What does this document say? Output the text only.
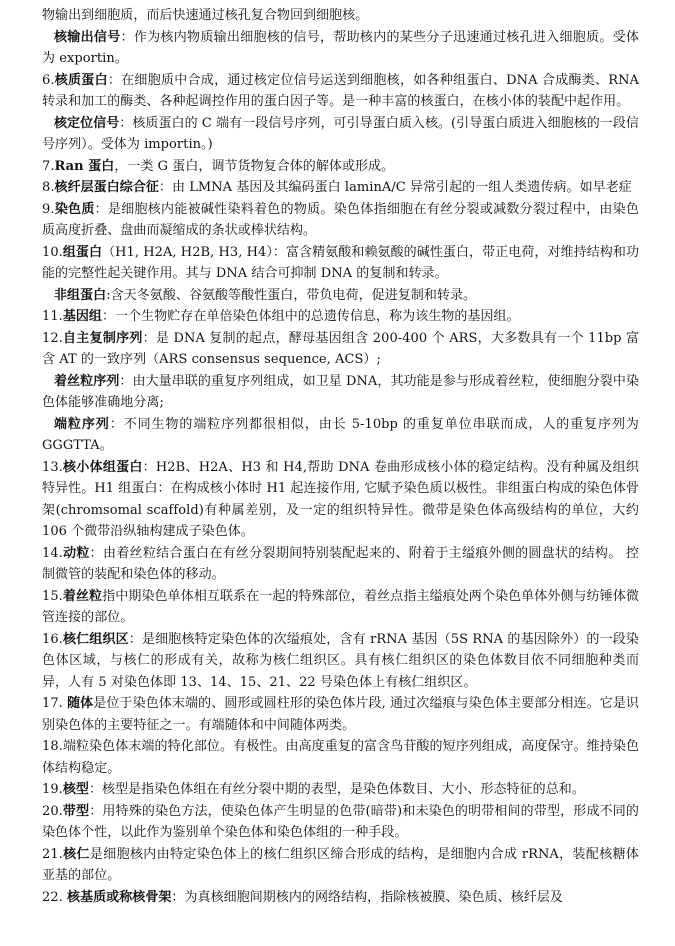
物输出到细胞质，而后快速通过核孔复合物回到细胞核。

核输出信号：作为核内物质输出细胞核的信号，帮助核内的某些分子迅速通过核孔进入细胞质。受体为 exportin。

6.核质蛋白：在细胞质中合成，通过核定位信号运送到细胞核，如各种组蛋白、DNA 合成酶类、RNA 转录和加工的酶类、各种起调控作用的蛋白因子等。是一种丰富的核蛋白，在核小体的装配中起作用。

核定位信号：核质蛋白的 C 端有一段信号序列，可引导蛋白质入核。(引导蛋白质进入细胞核的一段信号序列）。受体为 importin。)

7.Ran 蛋白，一类 G 蛋白，调节货物复合体的解体或形成。

8.核纤层蛋白综合征：由 LMNA 基因及其编码蛋白 laminA/C 异常引起的一组人类遗传病。如早老症

9.染色质：是细胞核内能被碱性染料着色的物质。染色体指细胞在有丝分裂或减数分裂过程中，由染色质高度折叠、盘曲而凝缩成的条状或棒状结构。

10.组蛋白（H1, H2A, H2B, H3, H4）：富含精氨酸和赖氨酸的碱性蛋白，带正电荷，对维持结构和功能的完整性起关键作用。其与 DNA 结合可抑制 DNA 的复制和转录。

非组蛋白:含天冬氨酸、谷氨酸等酸性蛋白，带负电荷，促进复制和转录。

11.基因组：一个生物贮存在单倍染色体组中的总遗传信息，称为该生物的基因组。

12.自主复制序列：是 DNA 复制的起点，酵母基因组含 200-400 个 ARS，大多数具有一个 11bp 富含 AT 的一致序列（ARS consensus sequence, ACS）;

着丝粒序列：由大量串联的重复序列组成，如卫星 DNA，其功能是参与形成着丝粒，使细胞分裂中染色体能够准确地分离;

端粒序列：不同生物的端粒序列都很相似，由长 5-10bp 的重复单位串联而成，人的重复序列为 GGGTTA。

13.核小体组蛋白：H2B、H2A、H3 和 H4,帮助 DNA 卷曲形成核小体的稳定结构。没有种属及组织特异性。H1 组蛋白：在构成核小体时 H1 起连接作用, 它赋予染色质以极性。非组蛋白构成的染色体骨架(chromsomal scaffold)有种属差别，及一定的组织特异性。微带是染色体高级结构的单位，大约 106 个微带沿纵轴构建成子染色体。

14.动粒：由着丝粒结合蛋白在有丝分裂期间特别装配起来的、附着于主缢痕外侧的圆盘状的结构。 控制微管的装配和染色体的移动。

15.着丝粒指中期染色单体相互联系在一起的特殊部位，着丝点指主缢痕处两个染色单体外侧与纺锤体微管连接的部位。

16.核仁组织区：是细胞核特定染色体的次缢痕处，含有 rRNA 基因（5S RNA 的基因除外）的一段染色体区域，与核仁的形成有关，故称为核仁组织区。具有核仁组织区的染色体数目依不同细胞种类而异，人有 5 对染色体即 13、14、15、21、22 号染色体上有核仁组织区。

17. 随体是位于染色体末端的、圆形或圆柱形的染色体片段, 通过次缢痕与染色体主要部分相连。它是识别染色体的主要特征之一。有端随体和中间随体两类。

18.端粒染色体末端的特化部位。有极性。由高度重复的富含鸟苷酸的短序列组成，高度保守。维持染色体结构稳定。

19.核型：核型是指染色体组在有丝分裂中期的表型，是染色体数目、大小、形态特征的总和。

20.带型：用特殊的染色方法，使染色体产生明显的色带(暗带)和未染色的明带相间的带型，形成不同的染色体个性，以此作为鉴别单个染色体和染色体组的一种手段。

21.核仁是细胞核内由特定染色体上的核仁组织区缔合形成的结构，是细胞内合成 rRNA，装配核糖体亚基的部位。

22. 核基质或称核骨架：为真核细胞间期核内的网络结构，指除核被膜、染色质、核纤层及
